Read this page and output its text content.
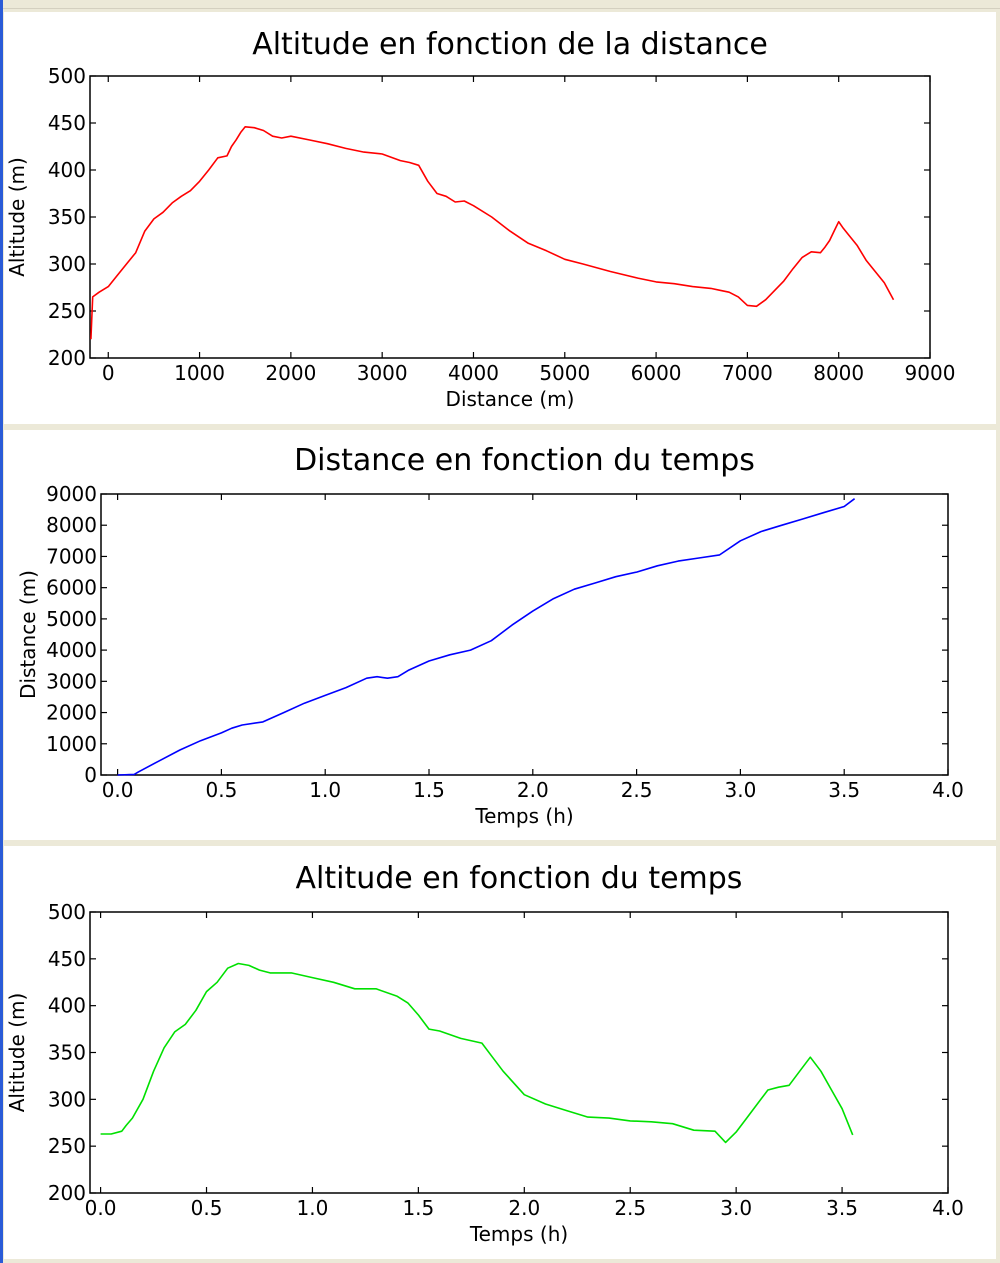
Altitude en fonction de la distance
0	1000 2000 3000 4000 5000 6000 7000 8000 9000
200
250
300
350
400
450
500
Distance (m)
Altitude (m)
Distance en fonction du temps
0.0	0.5	1.0	1.5	2.0	2.5	3.0	3.5	4.0
0
1000
2000
3000
4000
5000
6000
7000
8000
9000
Temps (h)
Distance (m)
Altitude en fonction du temps
0.0	0.5	1.0	1.5	2.0	2.5	3.0	3.5	4.0
200
250
300
350
400
450
500
Temps (h)
Altitude (m)
